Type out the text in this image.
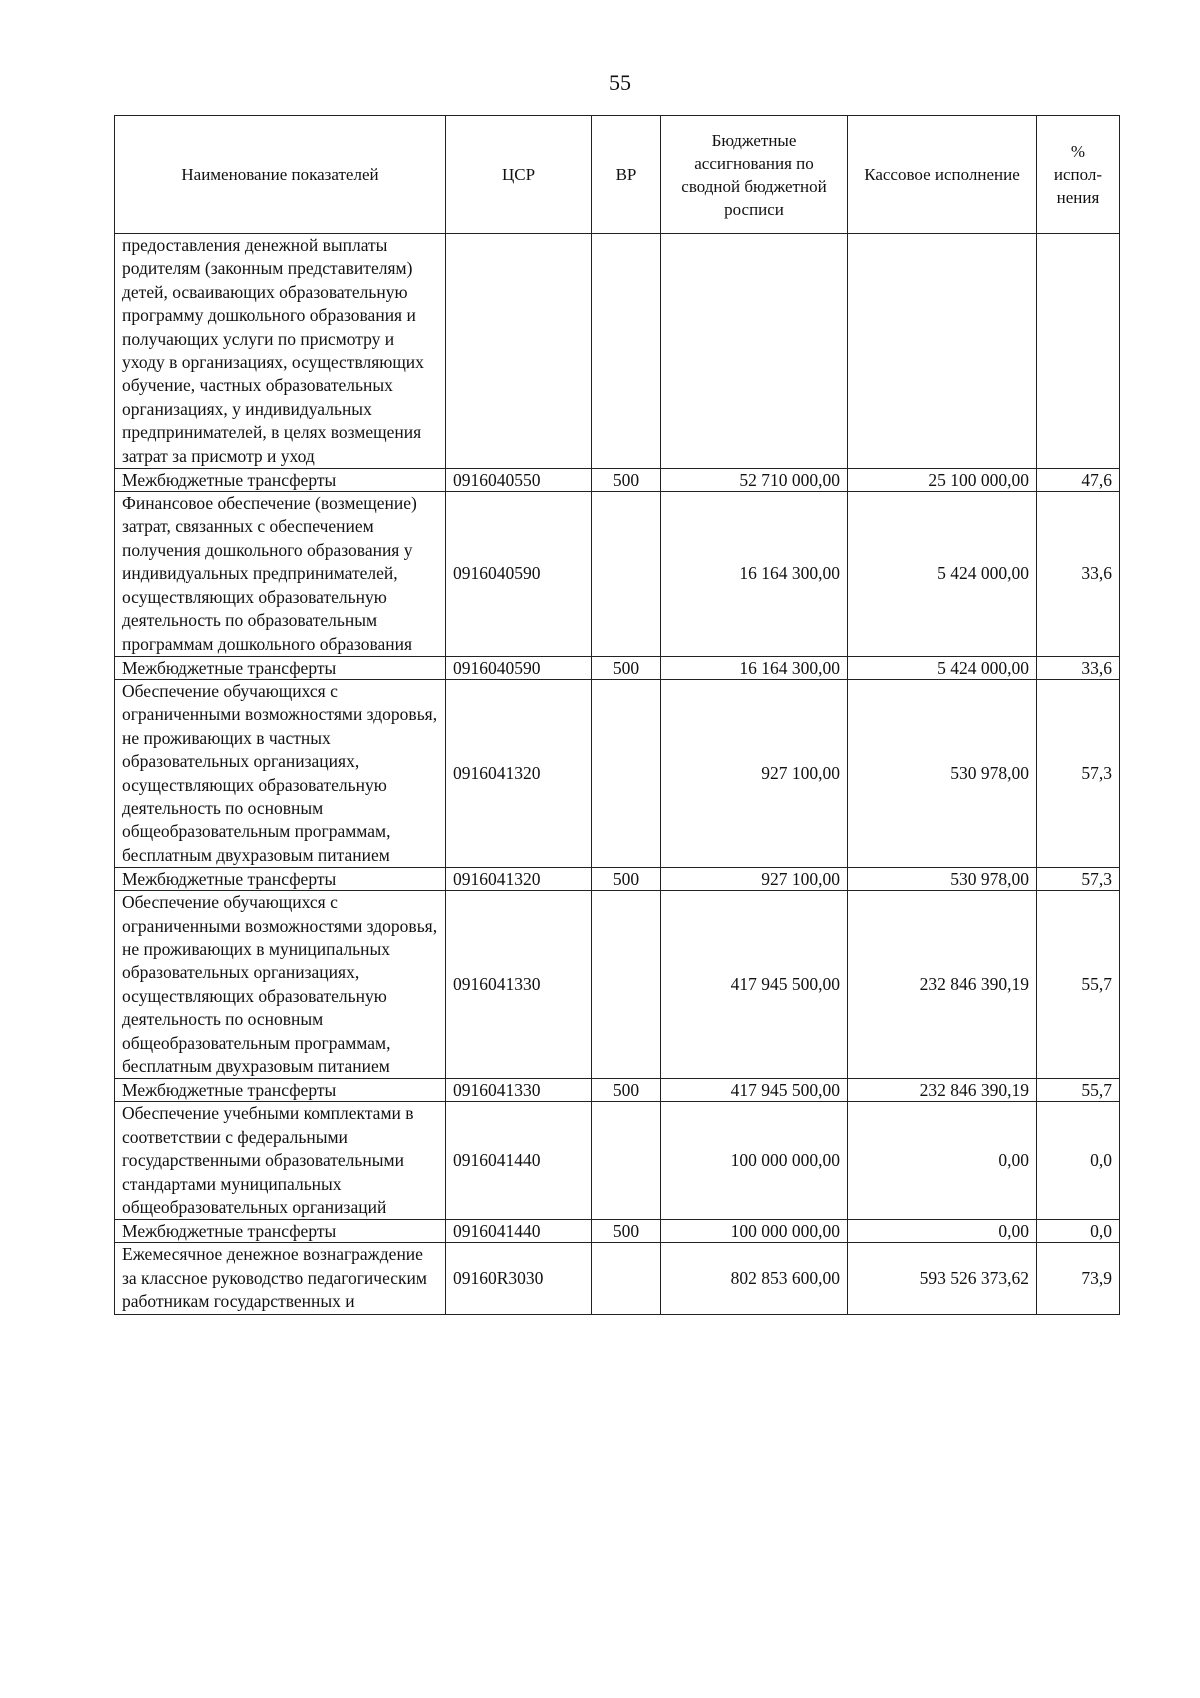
55
Наименование показателей	ЦСР	ВР	Бюджетные ассигнования по сводной бюджетной росписи	Кассовое исполнение	% испол-нения
предоставления денежной выплаты родителям (законным представителям) детей, осваивающих образовательную программу дошкольного образования и получающих услуги по присмотру и уходу в организациях, осуществляющих обучение, частных образовательных организациях, у индивидуальных предпринимателей, в целях возмещения затрат за присмотр и уход					
Межбюджетные трансферты	0916040550	500	52 710 000,00	25 100 000,00	47,6
Финансовое обеспечение (возмещение) затрат, связанных с обеспечением получения дошкольного образования у индивидуальных предпринимателей, осуществляющих образовательную деятельность по образовательным программам дошкольного образования	0916040590		16 164 300,00	5 424 000,00	33,6
Межбюджетные трансферты	0916040590	500	16 164 300,00	5 424 000,00	33,6
Обеспечение обучающихся с ограниченными возможностями здоровья, не проживающих в частных образовательных организациях, осуществляющих образовательную деятельность по основным общеобразовательным программам, бесплатным двухразовым питанием	0916041320		927 100,00	530 978,00	57,3
Межбюджетные трансферты	0916041320	500	927 100,00	530 978,00	57,3
Обеспечение обучающихся с ограниченными возможностями здоровья, не проживающих в муниципальных образовательных организациях, осуществляющих образовательную деятельность по основным общеобразовательным программам, бесплатным двухразовым питанием	0916041330		417 945 500,00	232 846 390,19	55,7
Межбюджетные трансферты	0916041330	500	417 945 500,00	232 846 390,19	55,7
Обеспечение учебными комплектами в соответствии с федеральными государственными образовательными стандартами муниципальных общеобразовательных организаций	0916041440		100 000 000,00	0,00	0,0
Межбюджетные трансферты	0916041440	500	100 000 000,00	0,00	0,0
Ежемесячное денежное вознаграждение за классное руководство педагогическим работникам государственных и	09160R3030		802 853 600,00	593 526 373,62	73,9
